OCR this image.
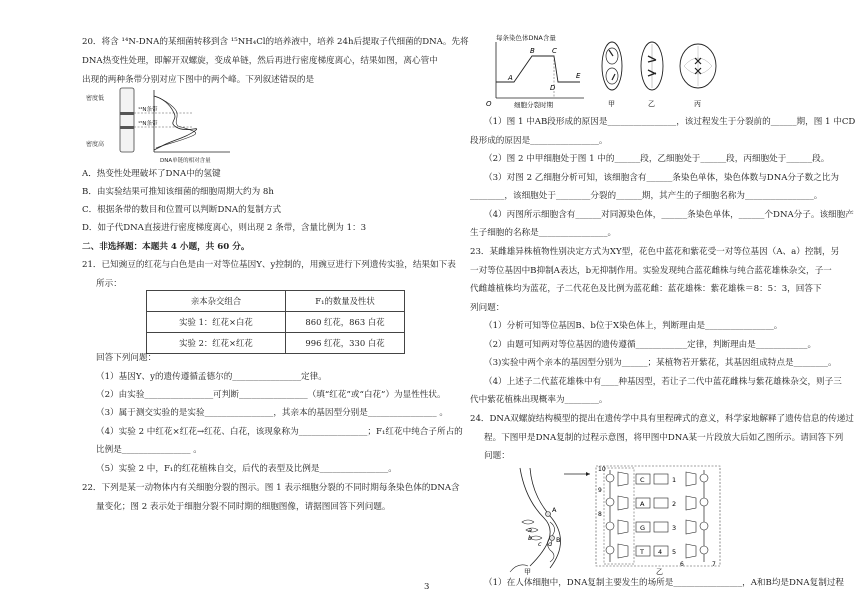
20．将含 ¹⁴N-DNA的某细菌转移到含 ¹⁵NH₄Cl的培养液中，培养 24h后提取子代细菌的DNA。先将
DNA热变性处理，即解开双螺旋，变成单链，然后再进行密度梯度离心，结果如图，离心管中
出现的两种条带分别对应下图中的两个峰。下列叙述错误的是
密度低
密度高
¹⁴N条带
¹⁵N条带
DNA单链的相对含量
A．热变性处理破坏了DNA中的氢键
B．由实验结果可推知该细菌的细胞周期大约为 8h
C．根据条带的数目和位置可以判断DNA的复制方式
D．如子代DNA直接进行密度梯度离心，则出现 2 条带，含量比例为 1：3
二、非选择题：本题共 4 小题，共 60 分。
21．已知豌豆的红花与白色是由一对等位基因Y、y控制的，用豌豆进行下列遗传实验，结果如下表
所示：
亲本杂交组合	F₁的数量及性状
实验 1：红花×白花	860 红花，863 白花
实验 2：红花×红花	996 红花，330 白花
回答下列问题：
（1）基因Y、y的遗传遵循孟德尔的________________定律。
（2）由实验________________可判断________________（填“红花”或“白花”）为显性性状。
（3）属于测交实验的是实验________________，其亲本的基因型分别是________________ 。
（4）实验 2 中红花×红花→红花、白花，该现象称为________________；F₁红花中纯合子所占的
比例是________________ 。
（5）实验 2 中，F₁的红花植株自交，后代的表型及比例是________________。
22．下列是某一动物体内有关细胞分裂的图示。图 1 表示细胞分裂的不同时期每条染色体的DNA含
量变化；图 2 表示处于细胞分裂不同时期的细胞图像，请据图回答下列问题。
每条染色体DNA含量
A
B C
D
E
O	细胞分裂时期	甲	乙	丙
（1）图 1 中AB段形成的原因是________________，该过程发生于分裂前的______期，图 1 中CD
段形成的原因是________________。
（2）图 2 中甲细胞处于图 1 中的______段，乙细胞处于______段，丙细胞处于______段。
（3）对图 2 乙细胞分析可知，该细胞含有______条染色单体，染色体数与DNA分子数之比为
________，该细胞处于________分裂的______期，其产生的子细胞名称为________________。
（4）丙图所示细胞含有______对同源染色体，______条染色单体，______个DNA分子。该细胞产
生子细胞的名称是________________。
23．某雌雄异株植物性别决定方式为XY型，花色中蓝花和紫花受一对等位基因（A、a）控制，另
一对等位基因中B抑制A表达，b无抑制作用。实验发现纯合蓝花雌株与纯合蓝花雄株杂交，子一
代雌雄植株均为蓝花，子二代花色及比例为蓝花雌：蓝花雄株：紫花雄株＝8：5：3，回答下
列问题：
（1）分析可知等位基因B、b位于X染色体上，判断理由是________________。
（2）由题可知两对等位基因的遗传遵循____________定律，判断理由是____________。
（3)实验中两个亲本的基因型分别为______；某植物若开紫花，其基因组成特点是________。
（4）上述子二代蓝花雄株中有____种基因型，若让子二代中蓝花雌株与紫花雄株杂交，则子三
代中紫花植株出现概率为________。
24．DNA双螺旋结构模型的提出在遗传学中具有里程碑式的意义，科学家地解释了遗传信息的传递过
程。下图甲是DNA复制的过程示意图，将甲图中DNA某一片段放大后如乙图所示。请回答下列
问题：
A
B
a
b
c d
甲
C	1
A	2
G	3
T 4 5
10
9
8
6	7
乙
（1）在人体细胞中，DNA复制主要发生的场所是________________，A和B均是DNA复制过程
3
